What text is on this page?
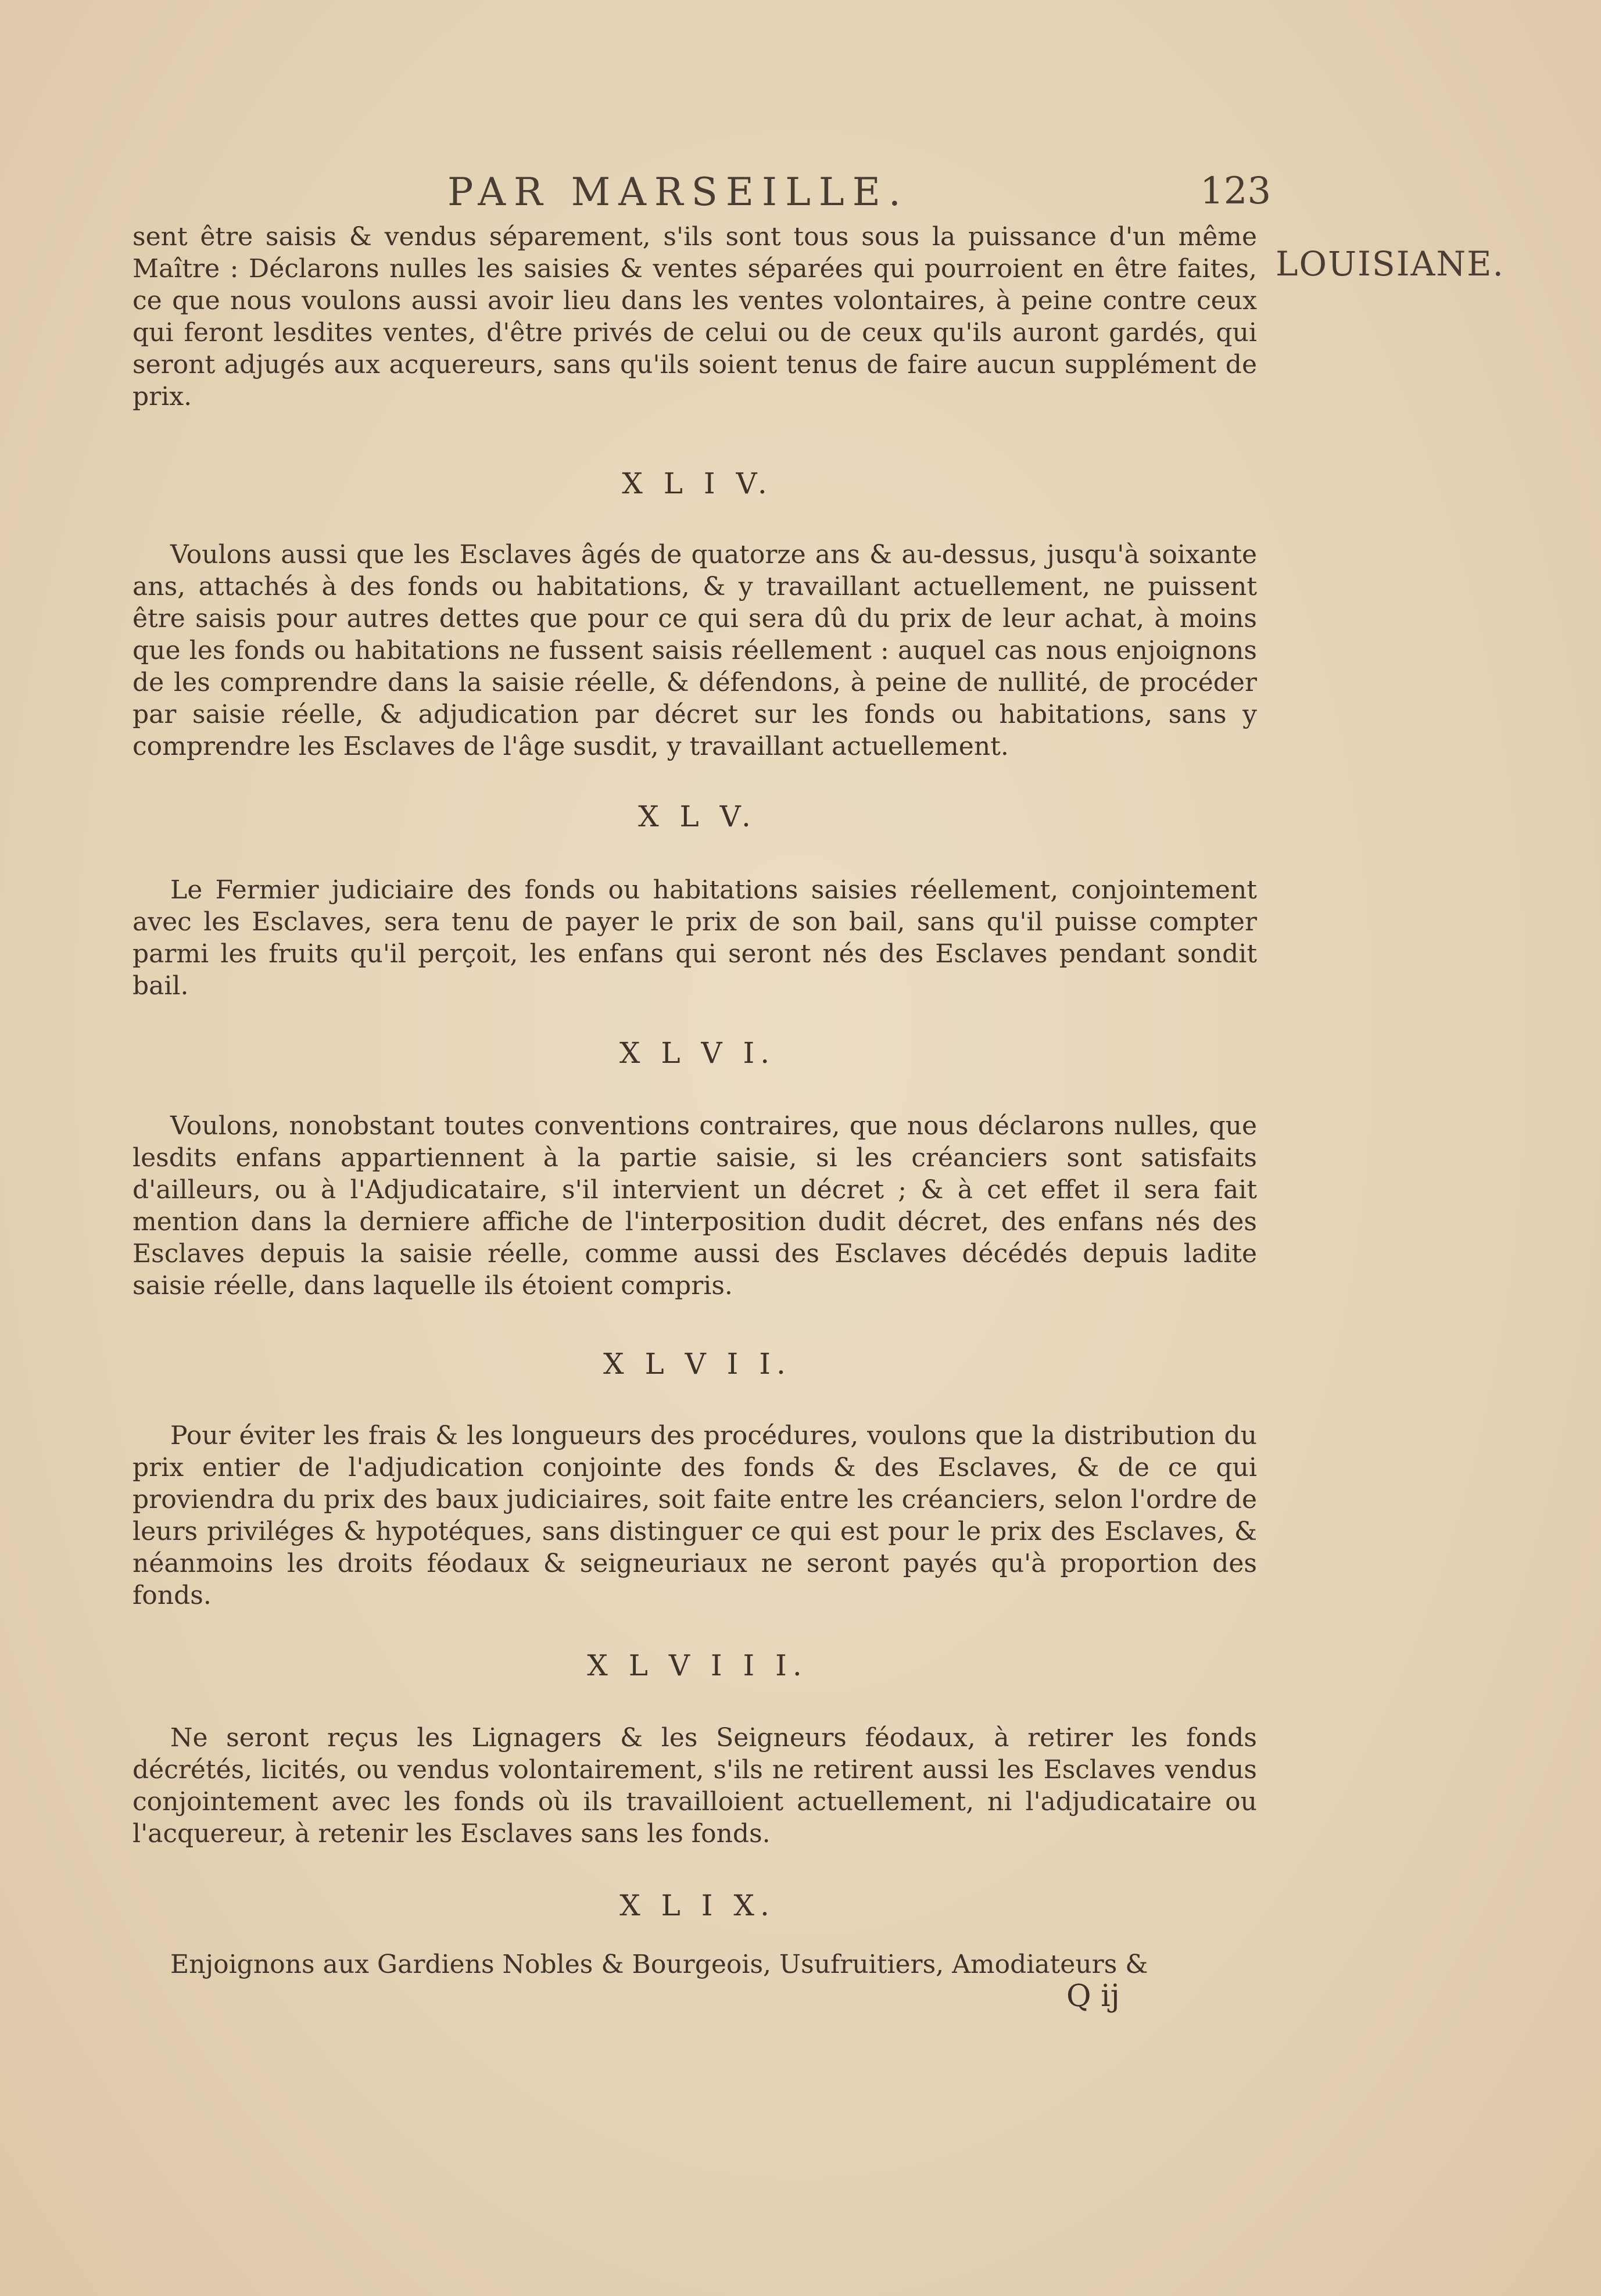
PAR MARSEILLE.	123
LOUISIANE.

sent être saisis & vendus séparement, s'ils sont tous sous la puissance d'un même Maître : Déclarons nulles les saisies & ventes séparées qui pourroient en être faites, ce que nous voulons aussi avoir lieu dans les ventes volontaires, à peine contre ceux qui feront lesdites ventes, d'être privés de celui ou de ceux qu'ils auront gardés, qui seront adjugés aux acquereurs, sans qu'ils soient tenus de faire aucun supplément de prix.

X L I V.

Voulons aussi que les Esclaves âgés de quatorze ans & au-dessus, jusqu'à soixante ans, attachés à des fonds ou habitations, & y travaillant actuellement, ne puissent être saisis pour autres dettes que pour ce qui sera dû du prix de leur achat, à moins que les fonds ou habitations ne fussent saisis réellement : auquel cas nous enjoignons de les comprendre dans la saisie réelle, & défendons, à peine de nullité, de procéder par saisie réelle, & adjudication par décret sur les fonds ou habitations, sans y comprendre les Esclaves de l'âge susdit, y travaillant actuellement.

X L V.

Le Fermier judiciaire des fonds ou habitations saisies réellement, conjointement avec les Esclaves, sera tenu de payer le prix de son bail, sans qu'il puisse compter parmi les fruits qu'il perçoit, les enfans qui seront nés des Esclaves pendant sondit bail.

X L V I.

Voulons, nonobstant toutes conventions contraires, que nous déclarons nulles, que lesdits enfans appartiennent à la partie saisie, si les créanciers sont satisfaits d'ailleurs, ou à l'Adjudicataire, s'il intervient un décret ; & à cet effet il sera fait mention dans la derniere affiche de l'interposition dudit décret, des enfans nés des Esclaves depuis la saisie réelle, comme aussi des Esclaves décédés depuis ladite saisie réelle, dans laquelle ils étoient compris.

X L V I I.

Pour éviter les frais & les longueurs des procédures, voulons que la distribution du prix entier de l'adjudication conjointe des fonds & des Esclaves, & de ce qui proviendra du prix des baux judiciaires, soit faite entre les créanciers, selon l'ordre de leurs priviléges & hypotéques, sans distinguer ce qui est pour le prix des Esclaves, & néanmoins les droits féodaux & seigneuriaux ne seront payés qu'à proportion des fonds.

X L V I I I.

Ne seront reçus les Lignagers & les Seigneurs féodaux, à retirer les fonds décrétés, licités, ou vendus volontairement, s'ils ne retirent aussi les Esclaves vendus conjointement avec les fonds où ils travailloient actuellement, ni l'adjudicataire ou l'acquereur, à retenir les Esclaves sans les fonds.

X L I X.

Enjoignons aux Gardiens Nobles & Bourgeois, Usufruitiers, Amodiateurs &

Q ij
